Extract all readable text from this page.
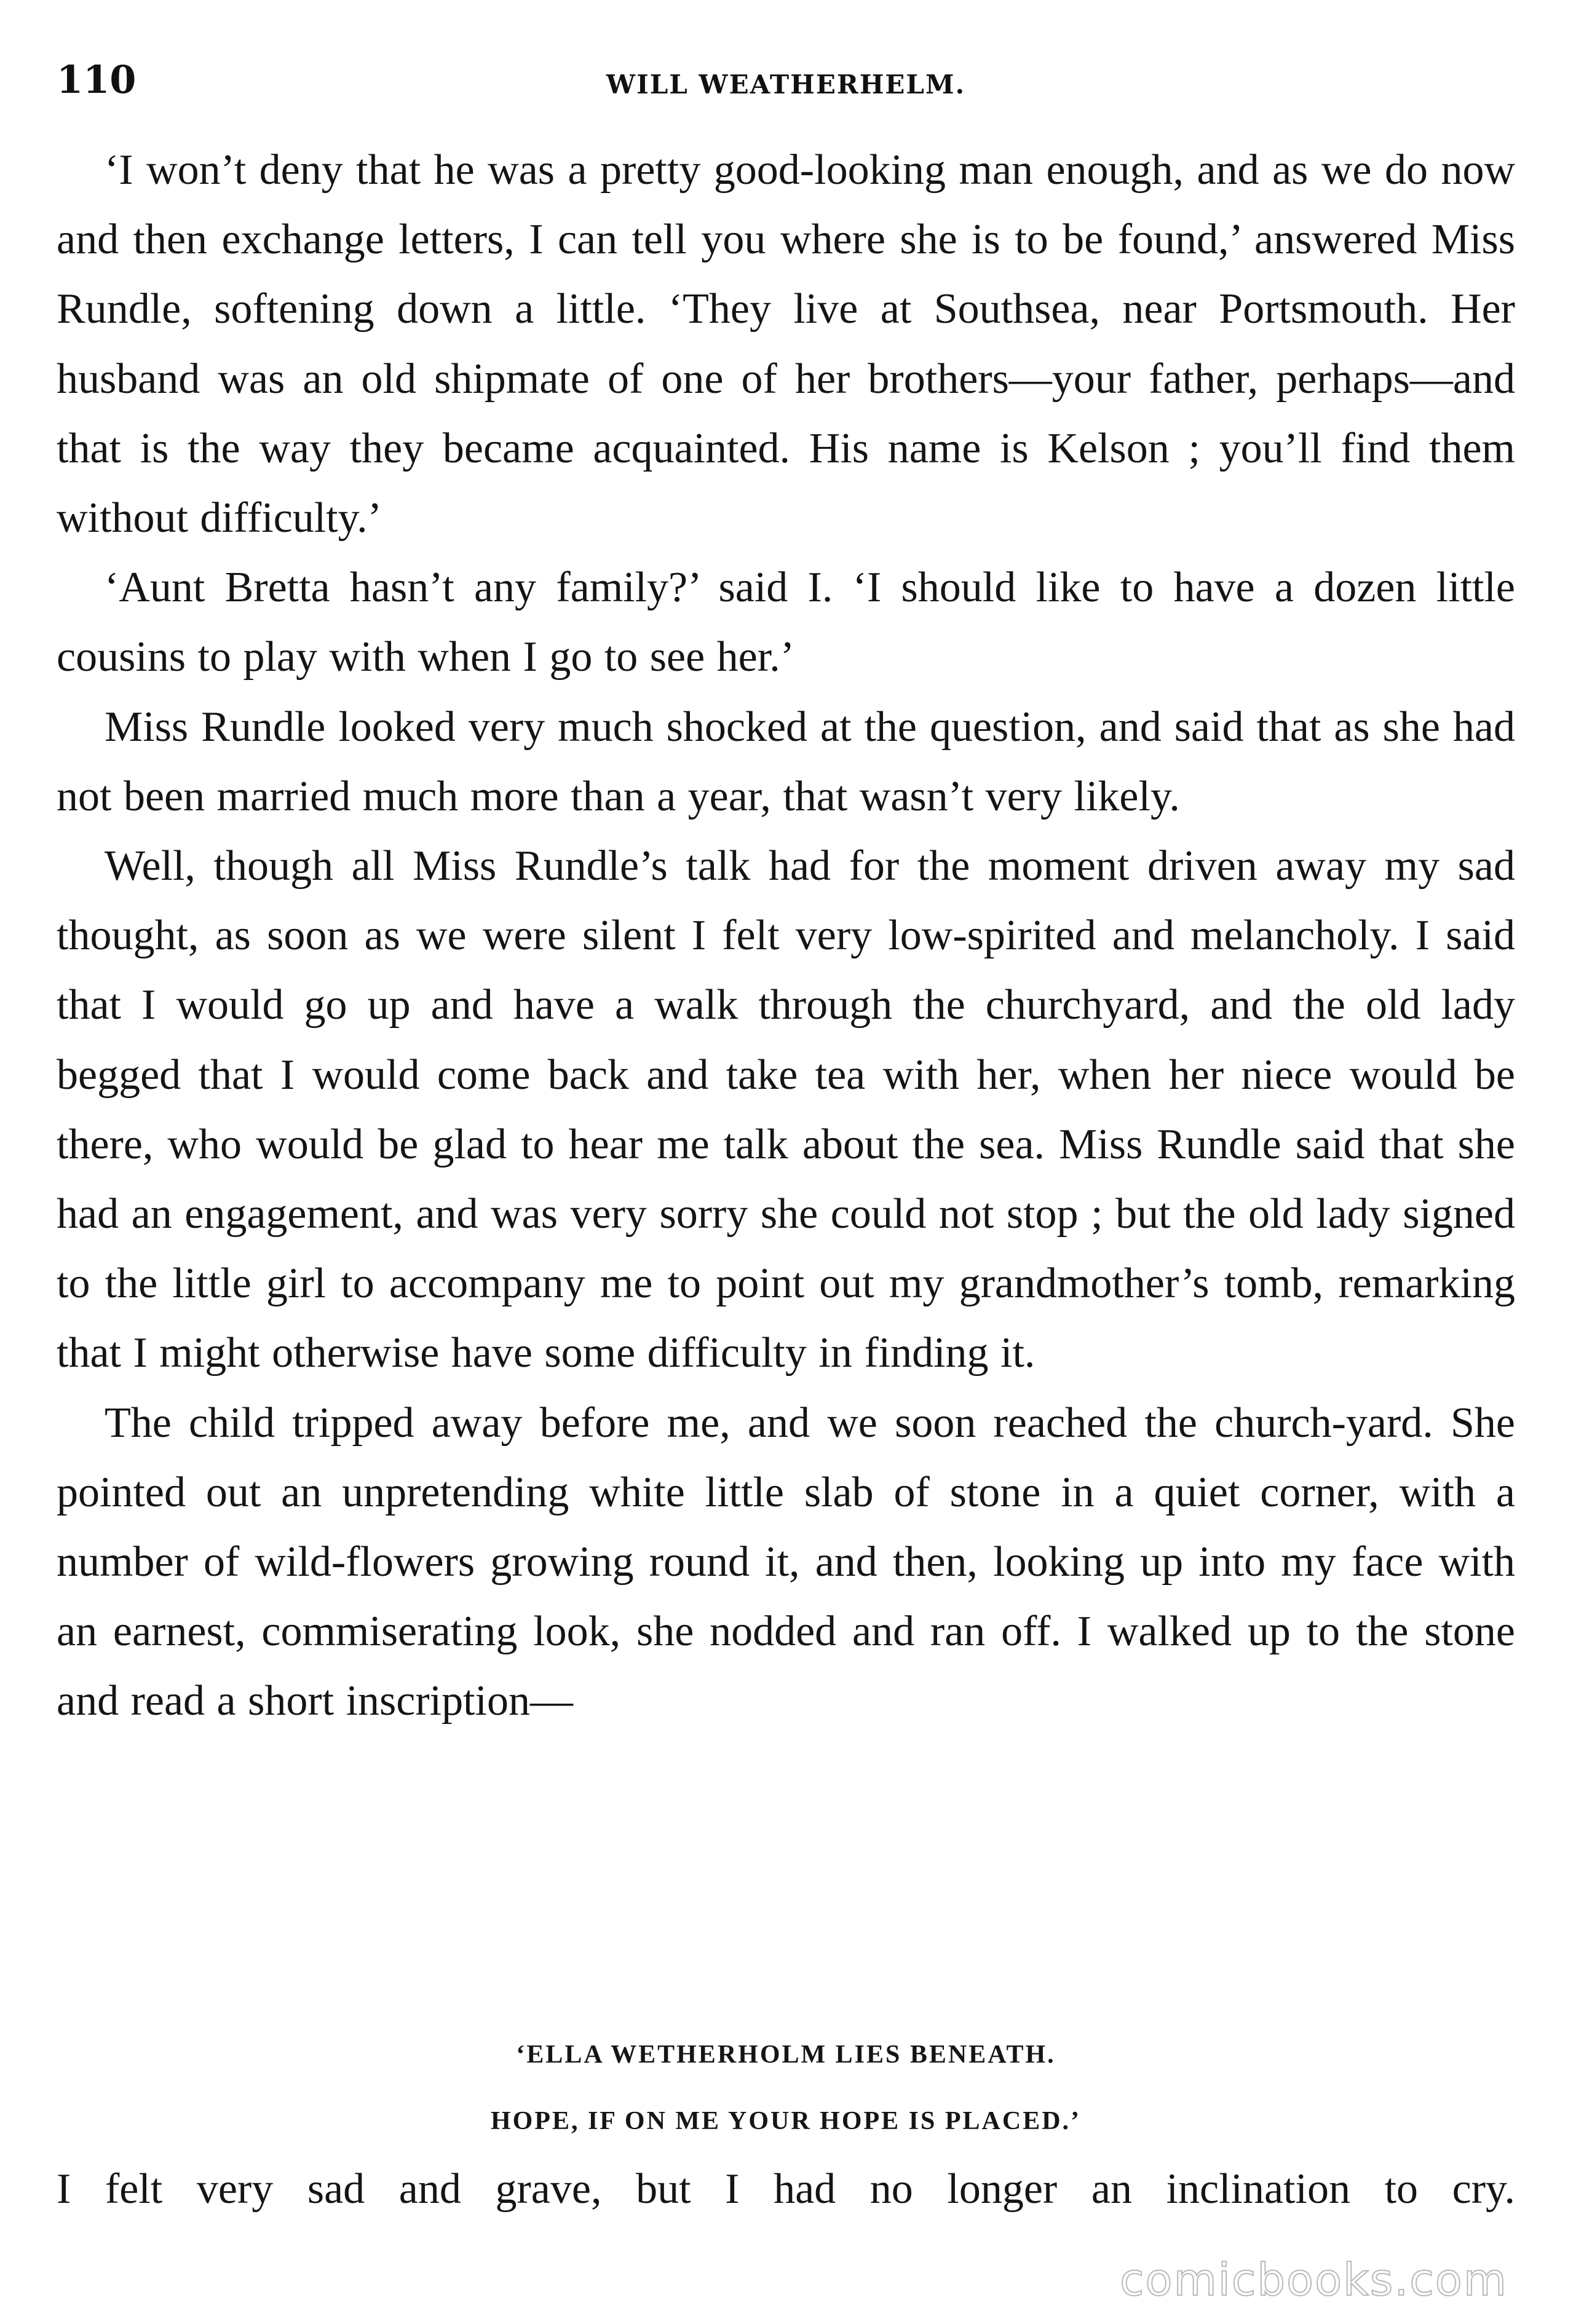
110	WILL WEATHERHELM.

‘I won’t deny that he was a pretty good-looking man enough, and as we do now and then exchange letters, I can tell you where she is to be found,’ answered Miss Rundle, softening down a little. ‘They live at Southsea, near Portsmouth. Her husband was an old shipmate of one of her brothers—your father, perhaps—and that is the way they became acquainted. His name is Kelson ; you’ll find them without difficulty.’

‘Aunt Bretta hasn’t any family?’ said I. ‘I should like to have a dozen little cousins to play with when I go to see her.’

Miss Rundle looked very much shocked at the question, and said that as she had not been married much more than a year, that wasn’t very likely.

Well, though all Miss Rundle’s talk had for the moment driven away my sad thought, as soon as we were silent I felt very low-spirited and melancholy. I said that I would go up and have a walk through the churchyard, and the old lady begged that I would come back and take tea with her, when her niece would be there, who would be glad to hear me talk about the sea. Miss Rundle said that she had an engagement, and was very sorry she could not stop ; but the old lady signed to the little girl to accompany me to point out my grandmother’s tomb, remarking that I might otherwise have some difficulty in finding it.

The child tripped away before me, and we soon reached the church-yard. She pointed out an unpretending white little slab of stone in a quiet corner, with a number of wild-flowers growing round it, and then, looking up into my face with an earnest, commiserating look, she nodded and ran off. I walked up to the stone and read a short inscription—

‘ELLA WETHERHOLM LIES BENEATH.
HOPE, IF ON ME YOUR HOPE IS PLACED.’
I felt very sad and grave, but I had no longer an inclination to cry.
comicbooks.com
